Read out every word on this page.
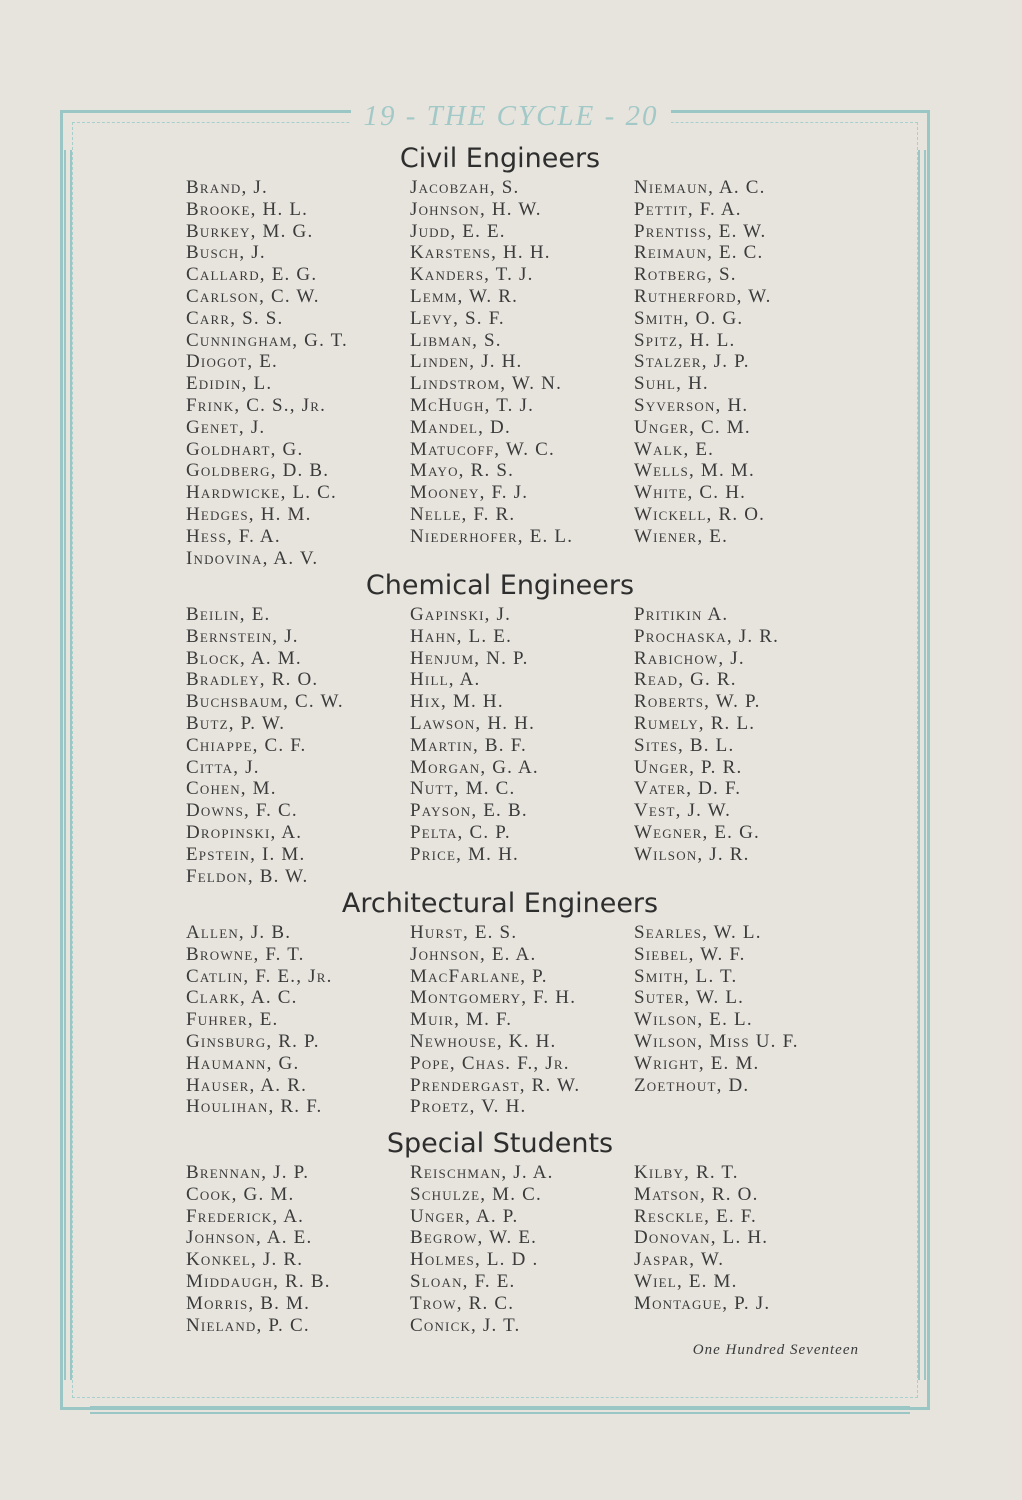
19 - THE CYCLE - 20
Civil Engineers
Brand, J.
Brooke, H. L.
Burkey, M. G.
Busch, J.
Callard, E. G.
Carlson, C. W.
Carr, S. S.
Cunningham, G. T.
Diogot, E.
Edidin, L.
Frink, C. S., Jr.
Genet, J.
Goldhart, G.
Goldberg, D. B.
Hardwicke, L. C.
Hedges, H. M.
Hess, F. A.
Indovina, A. V.
Jacobzah, S.
Johnson, H. W.
Judd, E. E.
Karstens, H. H.
Kanders, T. J.
Lemm, W. R.
Levy, S. F.
Libman, S.
Linden, J. H.
Lindstrom, W. N.
McHugh, T. J.
Mandel, D.
Matucoff, W. C.
Mayo, R. S.
Mooney, F. J.
Nelle, F. R.
Niederhofer, E. L.
Niemaun, A. C.
Pettit, F. A.
Prentiss, E. W.
Reimaun, E. C.
Rotberg, S.
Rutherford, W.
Smith, O. G.
Spitz, H. L.
Stalzer, J. P.
Suhl, H.
Syverson, H.
Unger, C. M.
Walk, E.
Wells, M. M.
White, C. H.
Wickell, R. O.
Wiener, E.
Chemical Engineers
Beilin, E.
Bernstein, J.
Block, A. M.
Bradley, R. O.
Buchsbaum, C. W.
Butz, P. W.
Chiappe, C. F.
Citta, J.
Cohen, M.
Downs, F. C.
Dropinski, A.
Epstein, I. M.
Feldon, B. W.
Gapinski, J.
Hahn, L. E.
Henjum, N. P.
Hill, A.
Hix, M. H.
Lawson, H. H.
Martin, B. F.
Morgan, G. A.
Nutt, M. C.
Payson, E. B.
Pelta, C. P.
Price, M. H.
Pritikin A.
Prochaska, J. R.
Rabichow, J.
Read, G. R.
Roberts, W. P.
Rumely, R. L.
Sites, B. L.
Unger, P. R.
Vater, D. F.
Vest, J. W.
Wegner, E. G.
Wilson, J. R.
Architectural Engineers
Allen, J. B.
Browne, F. T.
Catlin, F. E., Jr.
Clark, A. C.
Fuhrer, E.
Ginsburg, R. P.
Haumann, G.
Hauser, A. R.
Houlihan, R. F.
Hurst, E. S.
Johnson, E. A.
MacFarlane, P.
Montgomery, F. H.
Muir, M. F.
Newhouse, K. H.
Pope, Chas. F., Jr.
Prendergast, R. W.
Proetz, V. H.
Searles, W. L.
Siebel, W. F.
Smith, L. T.
Suter, W. L.
Wilson, E. L.
Wilson, Miss U. F.
Wright, E. M.
Zoethout, D.
Special Students
Brennan, J. P.
Cook, G. M.
Frederick, A.
Johnson, A. E.
Konkel, J. R.
Middaugh, R. B.
Morris, B. M.
Nieland, P. C.
Reischman, J. A.
Schulze, M. C.
Unger, A. P.
Begrow, W. E.
Holmes, L. D .
Sloan, F. E.
Trow, R. C.
Conick, J. T.
Kilby, R. T.
Matson, R. O.
Resckle, E. F.
Donovan, L. H.
Jaspar, W.
Wiel, E. M.
Montague, P. J.
One Hundred Seventeen
